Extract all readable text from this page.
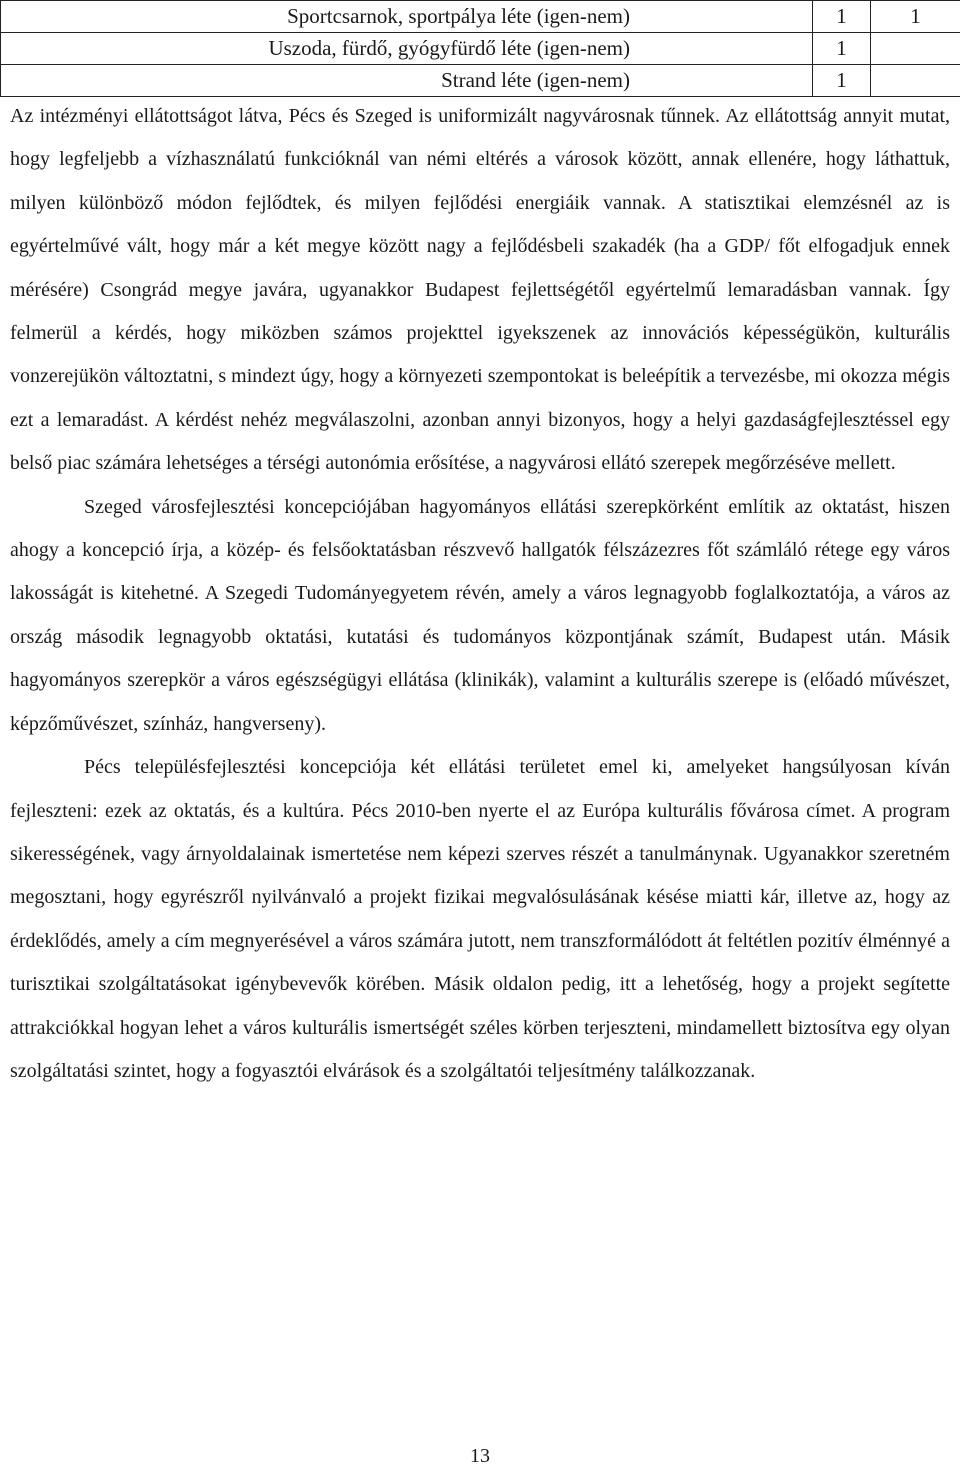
Sportcsarnok, sportpálya léte (igen-nem)	1	1
Uszoda, fürdő, gyógyfürdő léte (igen-nem)	1	
Strand léte (igen-nem)	1	

Az intézményi ellátottságot látva, Pécs és Szeged is uniformizált nagyvárosnak tűnnek. Az ellátottság annyit mutat, hogy legfeljebb a vízhasználatú funkcióknál van némi eltérés a városok között, annak ellenére, hogy láthattuk, milyen különböző módon fejlődtek, és milyen fejlődési energiáik vannak. A statisztikai elemzésnél az is egyértelművé vált, hogy már a két megye között nagy a fejlődésbeli szakadék (ha a GDP/ főt elfogadjuk ennek mérésére) Csongrád megye javára, ugyanakkor Budapest fejlettségétől egyértelmű lemaradásban vannak. Így felmerül a kérdés, hogy miközben számos projekttel igyekszenek az innovációs képességükön, kulturális vonzerejükön változtatni, s mindezt úgy, hogy a környezeti szempontokat is beleépítik a tervezésbe, mi okozza mégis ezt a lemaradást. A kérdést nehéz megválaszolni, azonban annyi bizonyos, hogy a helyi gazdaságfejlesztéssel egy belső piac számára lehetséges a térségi autonómia erősítése, a nagyvárosi ellátó szerepek megőrzéséve mellett.

Szeged városfejlesztési koncepciójában hagyományos ellátási szerepkörként említik az oktatást, hiszen ahogy a koncepció írja, a közép- és felsőoktatásban részvevő hallgatók félszázezres főt számláló rétege egy város lakosságát is kitehetné. A Szegedi Tudományegyetem révén, amely a város legnagyobb foglalkoztatója, a város az ország második legnagyobb oktatási, kutatási és tudományos központjának számít, Budapest után. Másik hagyományos szerepkör a város egészségügyi ellátása (klinikák), valamint a kulturális szerepe is (előadó művészet, képzőművészet, színház, hangverseny).

Pécs településfejlesztési koncepciója két ellátási területet emel ki, amelyeket hangsúlyosan kíván fejleszteni: ezek az oktatás, és a kultúra. Pécs 2010-ben nyerte el az Európa kulturális fővárosa címet. A program sikerességének, vagy árnyoldalainak ismertetése nem képezi szerves részét a tanulmánynak. Ugyanakkor szeretném megosztani, hogy egyrészről nyilvánvaló a projekt fizikai megvalósulásának késése miatti kár, illetve az, hogy az érdeklődés, amely a cím megnyerésével a város számára jutott, nem transzformálódott át feltétlen pozitív élménnyé a turisztikai szolgáltatásokat igénybevevők körében. Másik oldalon pedig, itt a lehetőség, hogy a projekt segítette attrakciókkal hogyan lehet a város kulturális ismertségét széles körben terjeszteni, mindamellett biztosítva egy olyan szolgáltatási szintet, hogy a fogyasztói elvárások és a szolgáltatói teljesítmény találkozzanak.

13
